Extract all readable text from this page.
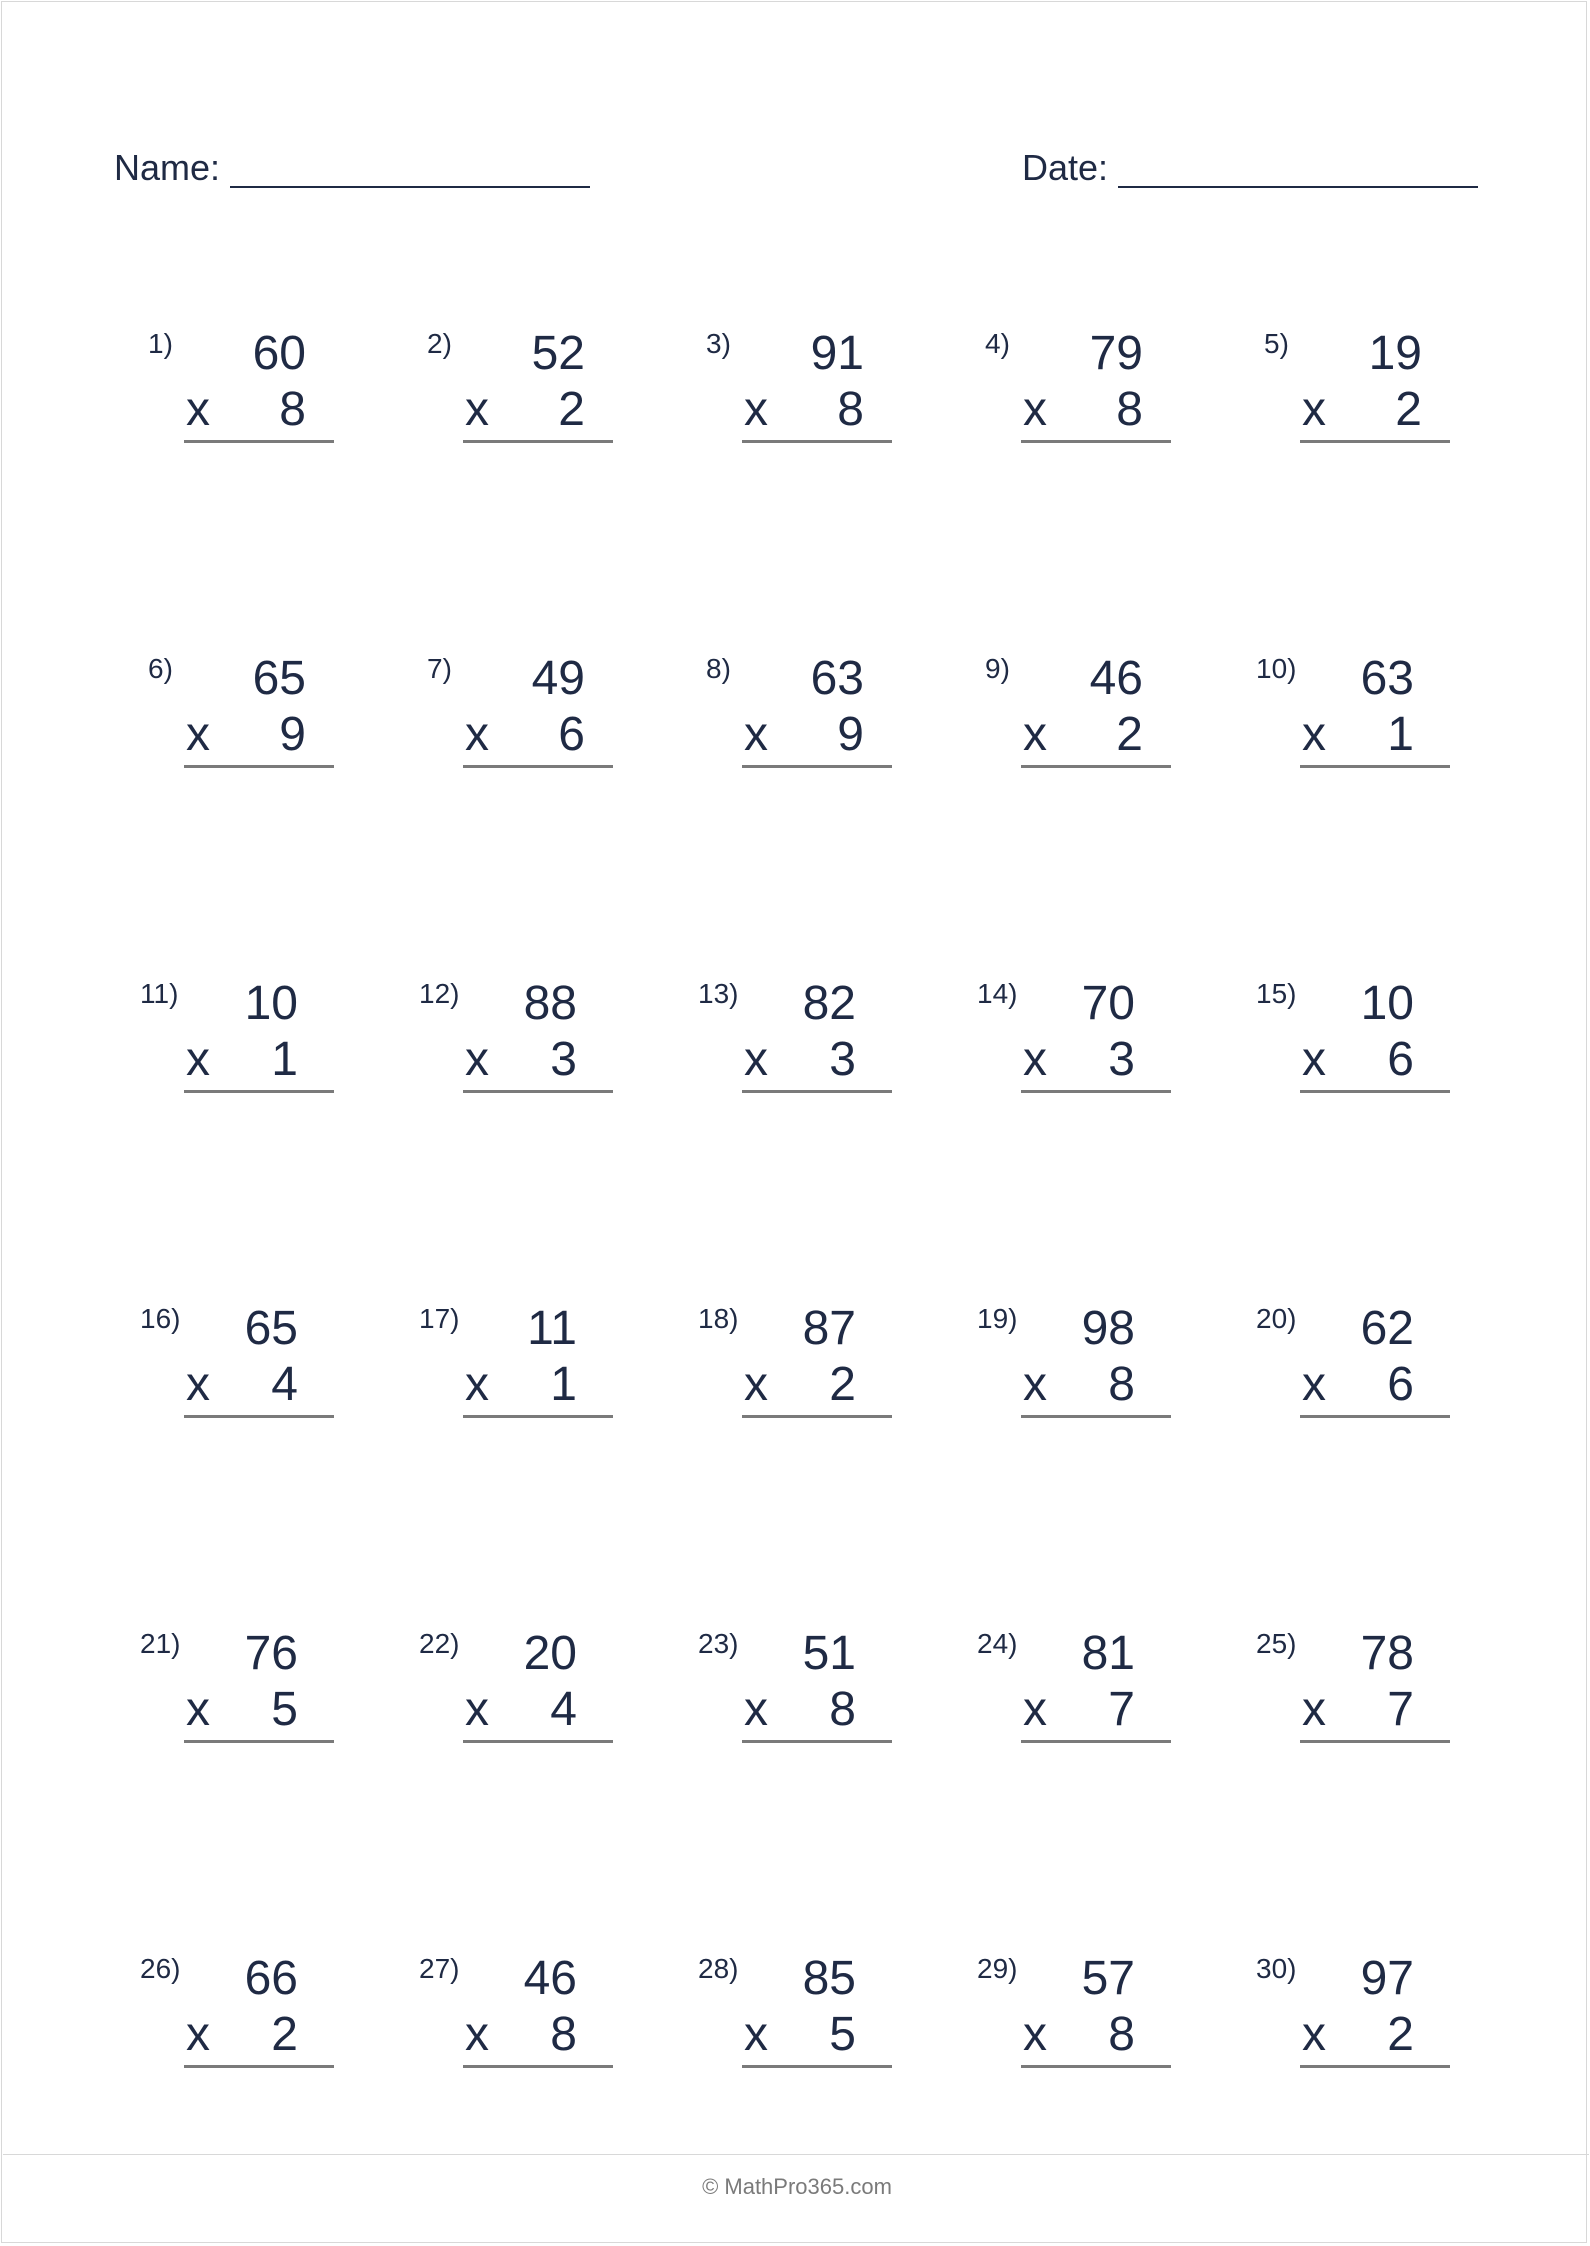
Name:	Date:
1) 60
x 8
2) 52
x 2
3) 91
x 8
4) 79
x 8
5) 19
x 2
6) 65
x 9
7) 49
x 6
8) 63
x 9
9) 46
x 2
10) 63
x 1
11) 10
x 1
12) 88
x 3
13) 82
x 3
14) 70
x 3
15) 10
x 6
16) 65
x 4
17) 11
x 1
18) 87
x 2
19) 98
x 8
20) 62
x 6
21) 76
x 5
22) 20
x 4
23) 51
x 8
24) 81
x 7
25) 78
x 7
26) 66
x 2
27) 46
x 8
28) 85
x 5
29) 57
x 8
30) 97
x 2
© MathPro365.com
